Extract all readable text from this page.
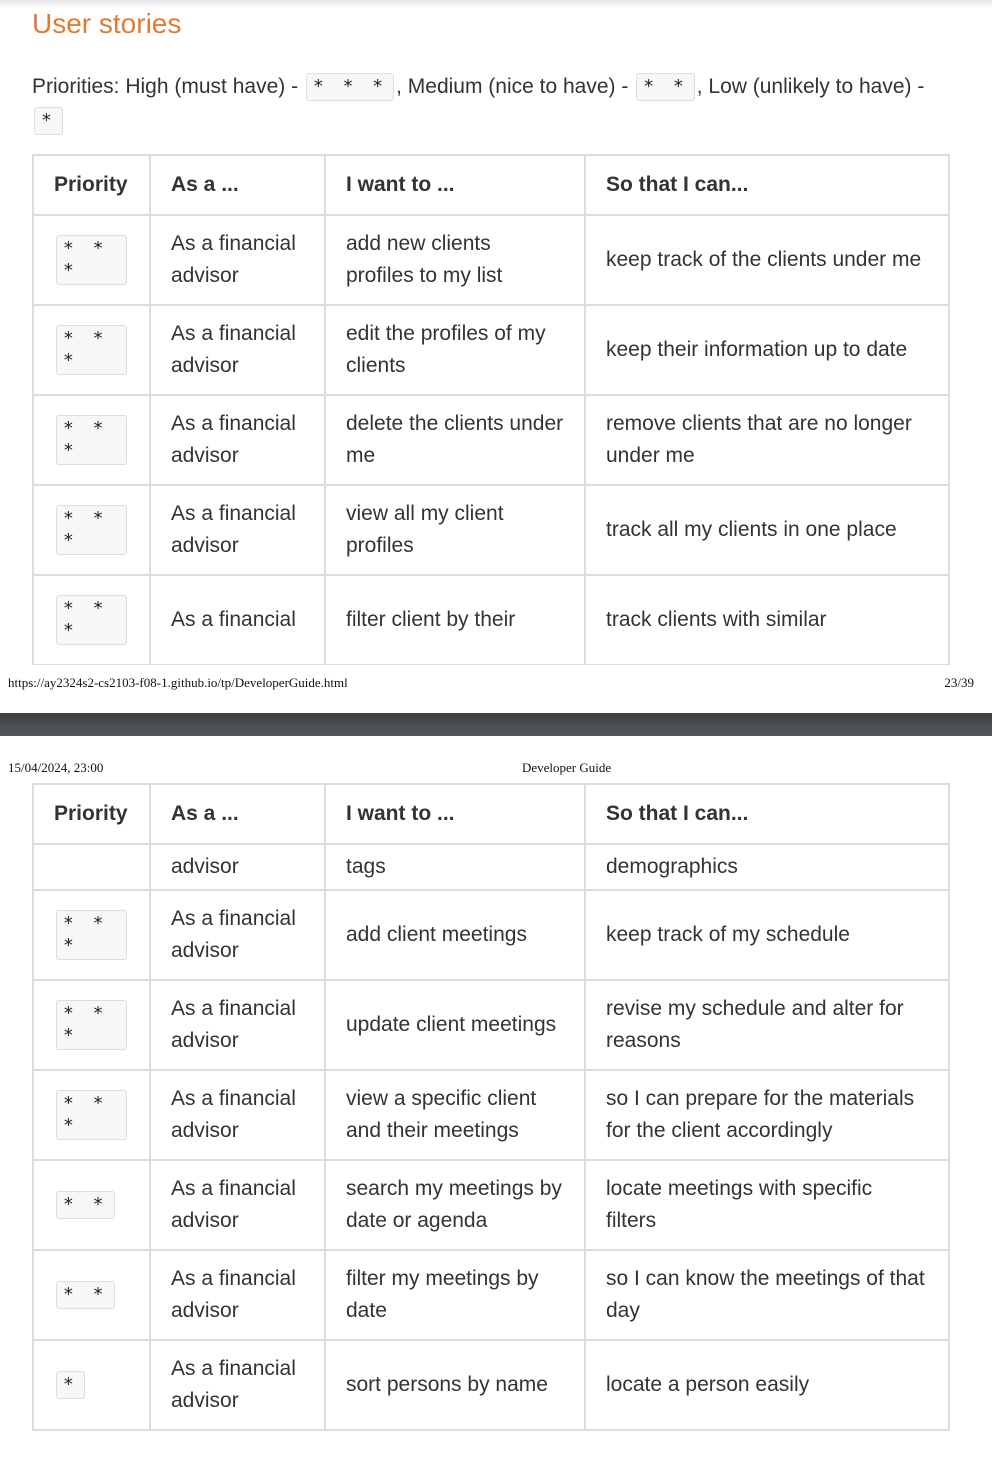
User stories
Priorities: High (must have) - * * * , Medium (nice to have) - * * , Low (unlikely to have) - *
Priority	As a ...	I want to ...	So that I can...
* * *	As a financial advisor	add new clients profiles to my list	keep track of the clients under me
* * *	As a financial advisor	edit the profiles of my clients	keep their information up to date
* * *	As a financial advisor	delete the clients under me	remove clients that are no longer under me
* * *	As a financial advisor	view all my client profiles	track all my clients in one place
* * *	As a financial	filter client by their	track clients with similar
https://ay2324s2-cs2103-f08-1.github.io/tp/DeveloperGuide.html	23/39
15/04/2024, 23:00	Developer Guide
Priority	As a ...	I want to ...	So that I can...
	advisor	tags	demographics
* * *	As a financial advisor	add client meetings	keep track of my schedule
* * *	As a financial advisor	update client meetings	revise my schedule and alter for reasons
* * *	As a financial advisor	view a specific client and their meetings	so I can prepare for the materials for the client accordingly
* *	As a financial advisor	search my meetings by date or agenda	locate meetings with specific filters
* *	As a financial advisor	filter my meetings by date	so I can know the meetings of that day
*	As a financial advisor	sort persons by name	locate a person easily
